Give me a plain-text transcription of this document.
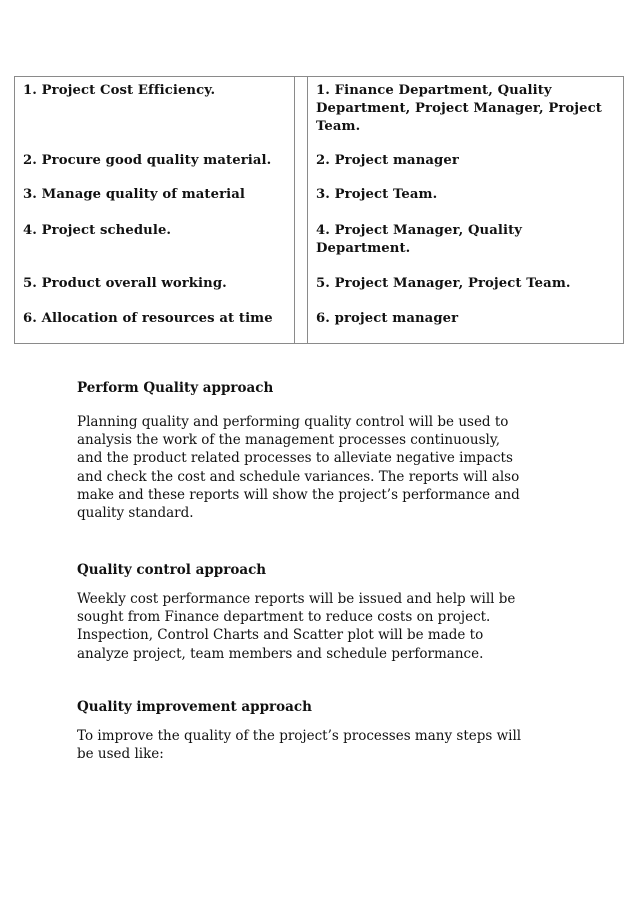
1. Project Cost Efficiency.
2. Procure good quality material.
3. Manage quality of material
4. Project schedule.
5. Product overall working.
6. Allocation of resources at time
1. Finance Department, Quality
Department, Project Manager, Project
Team.
2. Project manager
3. Project Team.
4. Project Manager, Quality
Department.
5. Project Manager, Project Team.
6. project manager
Perform Quality approach
Planning quality and performing quality control will be used to
analysis the work of the management processes continuously,
and the product related processes to alleviate negative impacts
and check the cost and schedule variances. The reports will also
make and these reports will show the project’s performance and
quality standard.
Quality control approach
Weekly cost performance reports will be issued and help will be
sought from Finance department to reduce costs on project.
Inspection, Control Charts and Scatter plot will be made to
analyze project, team members and schedule performance.
Quality improvement approach
To improve the quality of the project’s processes many steps will
be used like:
